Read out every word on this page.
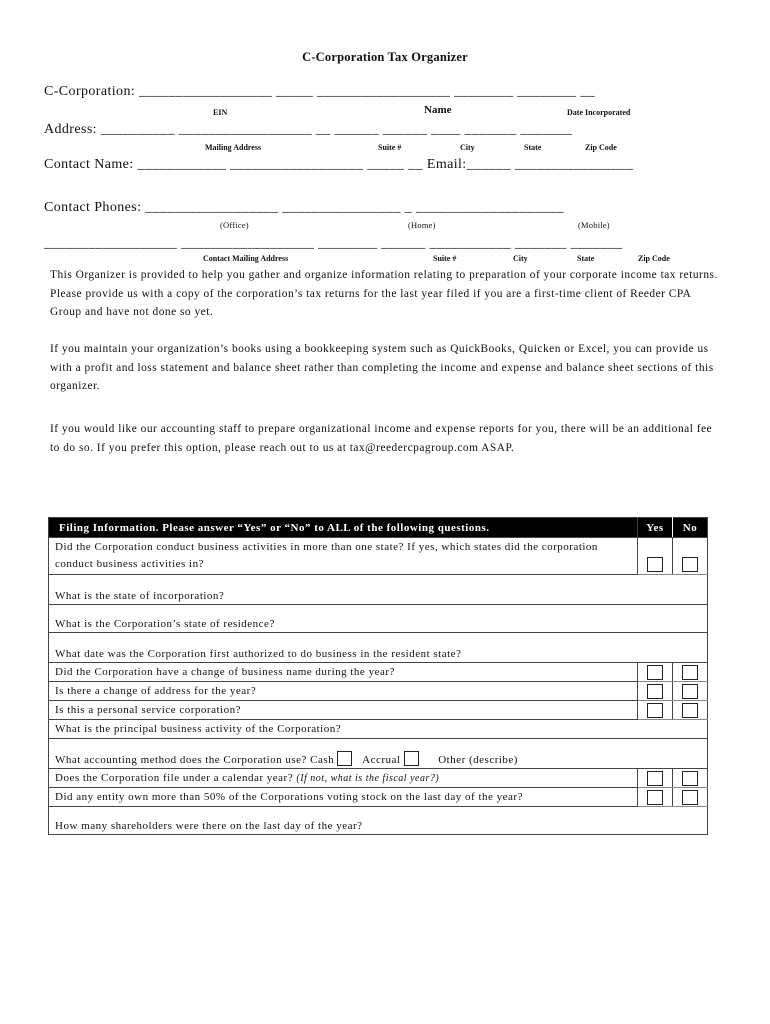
C-Corporation Tax Organizer
C-Corporation: __________________ _____ __________________ ________ ________ __
EIN	Name	Date Incorporated
Address: __________ __________________ __ ______ ______ ____ _______ _______
Mailing Address	Suite #	City	State	Zip Code
Contact Name: ____________ __________________ _____ __ Email:______ ________________
Contact Phones: __________________ ________________ _ ____________________
(Office)	(Home)	(Mobile)
__________________ __________________ ________ ______ ___________ _______ _______
Contact Mailing Address	Suite #	City	State	Zip Code

This Organizer is provided to help you gather and organize information relating to preparation of your corporate income tax returns. Please provide us with a copy of the corporation’s tax returns for the last year filed if you are a first-time client of Reeder CPA Group and have not done so yet.

If you maintain your organization’s books using a bookkeeping system such as QuickBooks, Quicken or Excel, you can provide us with a profit and loss statement and balance sheet rather than completing the income and expense and balance sheet sections of this organizer.

If you would like our accounting staff to prepare organizational income and expense reports for you, there will be an additional fee to do so. If you prefer this option, please reach out to us at tax@reedercpagroup.com ASAP.

Filing Information. Please answer “Yes” or “No” to ALL of the following questions.	Yes	No
Did the Corporation conduct business activities in more than one state? If yes, which states did the corporation conduct business activities in?		
What is the state of incorporation?		
What is the Corporation’s state of residence?		
What date was the Corporation first authorized to do business in the resident state?		
Did the Corporation have a change of business name during the year?		
Is there a change of address for the year?		
Is this a personal service corporation?		
What is the principal business activity of the Corporation?		
What accounting method does the Corporation use? Cash Accrual Other (describe)		
Does the Corporation file under a calendar year? (If not, what is the fiscal year?)		
Did any entity own more than 50% of the Corporations voting stock on the last day of the year?		
How many shareholders were there on the last day of the year?		
